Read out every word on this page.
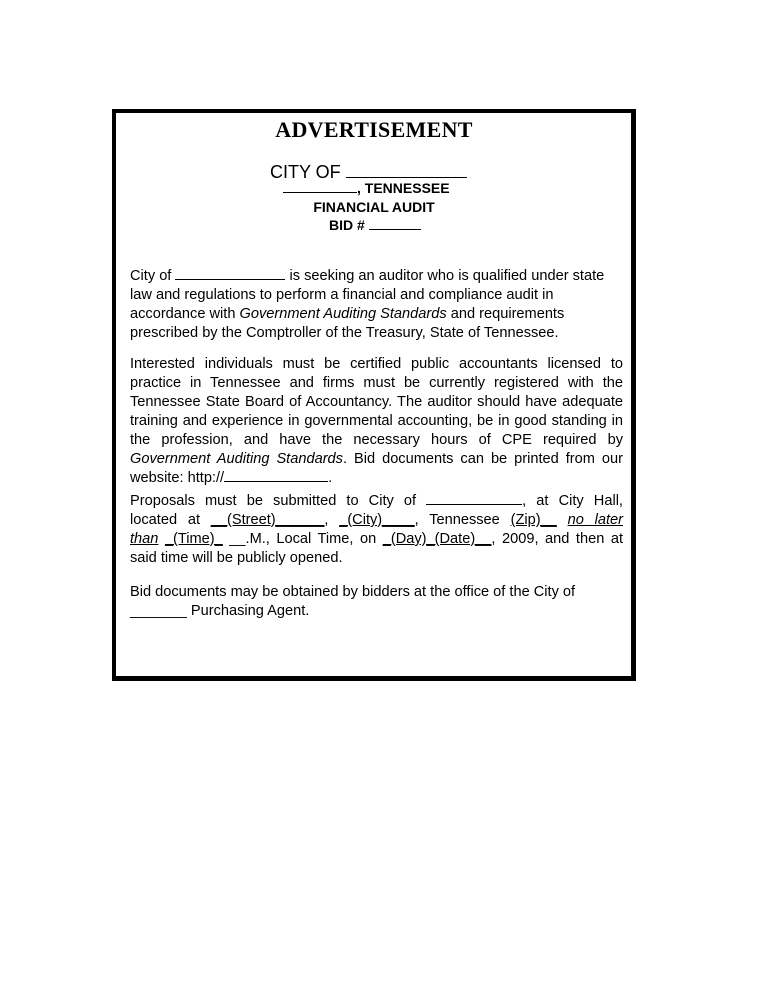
ADVERTISEMENT
CITY OF
, TENNESSEE
FINANCIAL AUDIT
BID #

City of	is seeking an auditor who is qualified under state law and regulations to perform a financial and compliance audit in accordance with Government Auditing Standards and requirements prescribed by the Comptroller of the Treasury, State of Tennessee.

Interested individuals must be certified public accountants licensed to practice in Tennessee and firms must be currently registered with the Tennessee State Board of Accountancy. The auditor should have adequate training and experience in governmental accounting, be in good standing in the profession, and have the necessary hours of CPE required by Government Auditing Standards. Bid documents can be printed from our website: http://	.

Proposals must be submitted to City of	, at City Hall,
located at __(Street)______, _(City)____, Tennessee (Zip)__ no later
than _(Time)_ __.M., Local Time, on _(Day)_(Date)__, 2009, and then at
said time will be publicly opened.

Bid documents may be obtained by bidders at the office of the City of _______ Purchasing Agent.
